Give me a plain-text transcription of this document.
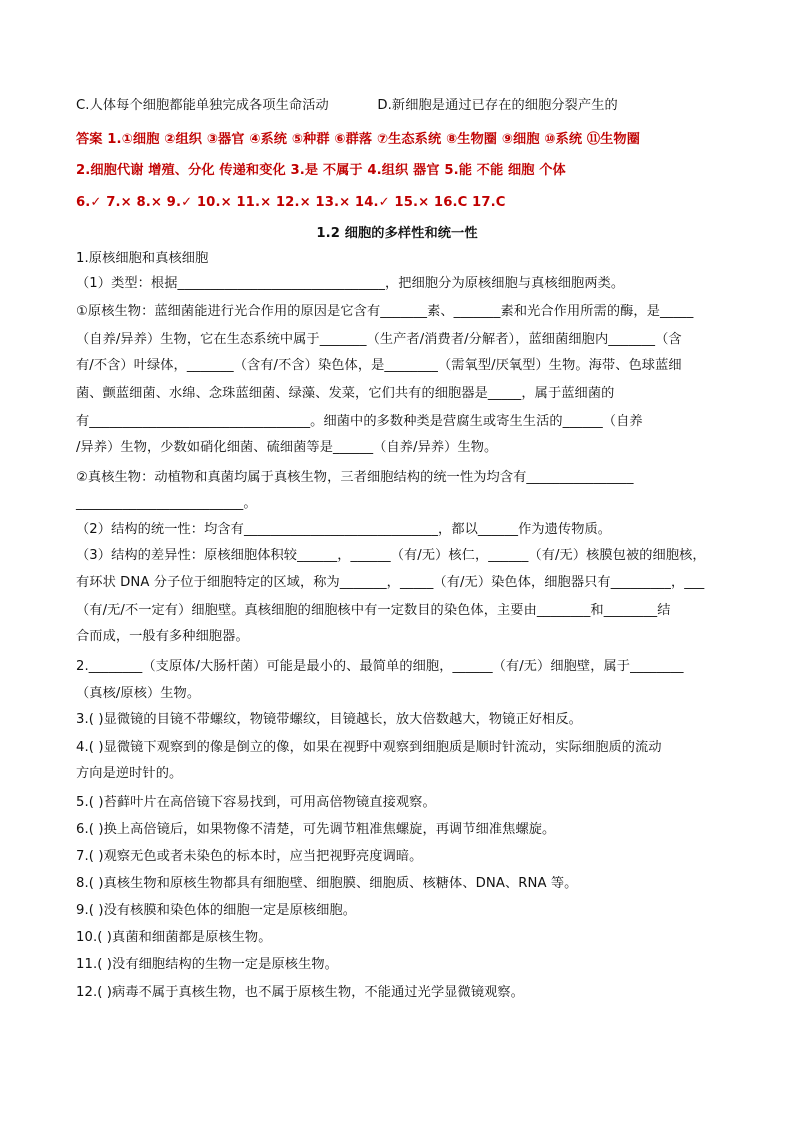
C.人体每个细胞都能单独完成各项生命活动	D.新细胞是通过已存在的细胞分裂产生的
答案 1.①细胞 ②组织 ③器官 ④系统 ⑤种群 ⑥群落 ⑦生态系统 ⑧生物圈 ⑨细胞 ⑩系统 ⑪生物圈
2.细胞代谢 增殖、分化 传递和变化 3.是 不属于 4.组织 器官 5.能 不能 细胞 个体
6.✓ 7.× 8.× 9.✓ 10.× 11.× 12.× 13.× 14.✓ 15.× 16.C 17.C
1.2 细胞的多样性和统一性
1.原核细胞和真核细胞
（1）类型：根据_______________________________，把细胞分为原核细胞与真核细胞两类。
①原核生物：蓝细菌能进行光合作用的原因是它含有_______素、_______素和光合作用所需的酶，是_____
（自养/异养）生物，它在生态系统中属于_______（生产者/消费者/分解者），蓝细菌细胞内_______（含
有/不含）叶绿体，_______（含有/不含）染色体，是________（需氧型/厌氧型）生物。海带、色球蓝细
菌、颤蓝细菌、水绵、念珠蓝细菌、绿藻、发菜，它们共有的细胞器是_____，属于蓝细菌的
有_________________________________。细菌中的多数种类是营腐生或寄生生活的______（自养
/异养）生物，少数如硝化细菌、硫细菌等是______（自养/异养）生物。
②真核生物：动植物和真菌均属于真核生物，三者细胞结构的统一性为均含有________________
_________________________。
（2）结构的统一性：均含有_____________________________，都以______作为遗传物质。
（3）结构的差异性：原核细胞体积较______，______（有/无）核仁，______（有/无）核膜包被的细胞核，
有环状 DNA 分子位于细胞特定的区域，称为_______，_____（有/无）染色体，细胞器只有_________，___
（有/无/不一定有）细胞壁。真核细胞的细胞核中有一定数目的染色体，主要由________和________结
合而成，一般有多种细胞器。
2.________（支原体/大肠杆菌）可能是最小的、最简单的细胞，______（有/无）细胞壁，属于________
（真核/原核）生物。
3.( )显微镜的目镜不带螺纹，物镜带螺纹，目镜越长，放大倍数越大，物镜正好相反。
4.( )显微镜下观察到的像是倒立的像，如果在视野中观察到细胞质是顺时针流动，实际细胞质的流动
方向是逆时针的。
5.( )苔藓叶片在高倍镜下容易找到，可用高倍物镜直接观察。
6.( )换上高倍镜后，如果物像不清楚，可先调节粗准焦螺旋，再调节细准焦螺旋。
7.( )观察无色或者未染色的标本时，应当把视野亮度调暗。
8.( )真核生物和原核生物都具有细胞壁、细胞膜、细胞质、核糖体、DNA、RNA 等。
9.( )没有核膜和染色体的细胞一定是原核细胞。
10.( )真菌和细菌都是原核生物。
11.( )没有细胞结构的生物一定是原核生物。
12.( )病毒不属于真核生物，也不属于原核生物，不能通过光学显微镜观察。
